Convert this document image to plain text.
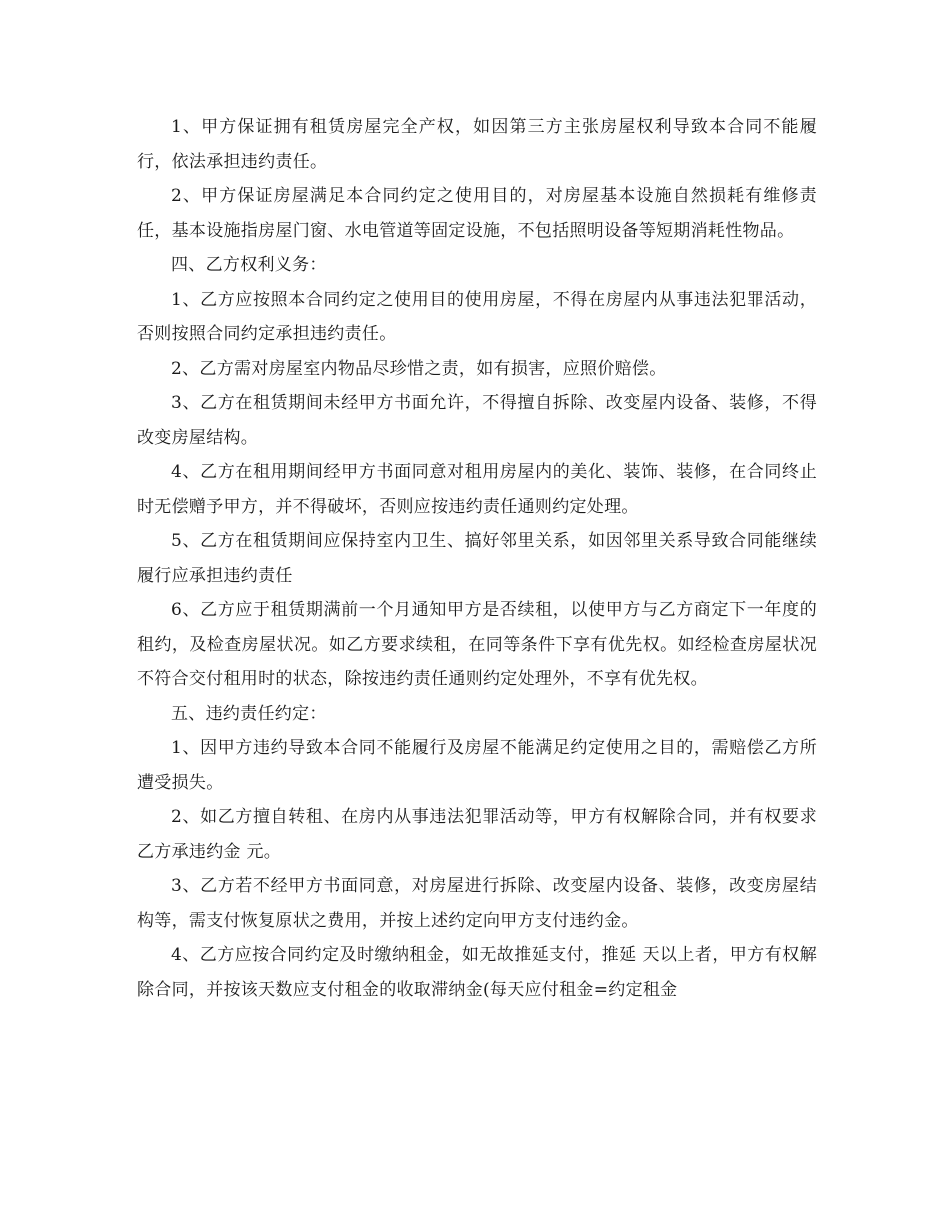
1、甲方保证拥有租赁房屋完全产权，如因第三方主张房屋权利导致本合同不能履行，依法承担违约责任。

2、甲方保证房屋满足本合同约定之使用目的，对房屋基本设施自然损耗有维修责任，基本设施指房屋门窗、水电管道等固定设施，不包括照明设备等短期消耗性物品。

四、乙方权利义务：

1、乙方应按照本合同约定之使用目的使用房屋，不得在房屋内从事违法犯罪活动，否则按照合同约定承担违约责任。

2、乙方需对房屋室内物品尽珍惜之责，如有损害，应照价赔偿。

3、乙方在租赁期间未经甲方书面允许，不得擅自拆除、改变屋内设备、装修，不得改变房屋结构。

4、乙方在租用期间经甲方书面同意对租用房屋内的美化、装饰、装修，在合同终止时无偿赠予甲方，并不得破坏，否则应按违约责任通则约定处理。

5、乙方在租赁期间应保持室内卫生、搞好邻里关系，如因邻里关系导致合同能继续履行应承担违约责任

6、乙方应于租赁期满前一个月通知甲方是否续租，以使甲方与乙方商定下一年度的租约，及检查房屋状况。如乙方要求续租，在同等条件下享有优先权。如经检查房屋状况不符合交付租用时的状态，除按违约责任通则约定处理外，不享有优先权。

五、违约责任约定：

1、因甲方违约导致本合同不能履行及房屋不能满足约定使用之目的，需赔偿乙方所遭受损失。

2、如乙方擅自转租、在房内从事违法犯罪活动等，甲方有权解除合同，并有权要求乙方承违约金 元。

3、乙方若不经甲方书面同意，对房屋进行拆除、改变屋内设备、装修，改变房屋结构等，需支付恢复原状之费用，并按上述约定向甲方支付违约金。

4、乙方应按合同约定及时缴纳租金，如无故推延支付，推延 天以上者，甲方有权解除合同，并按该天数应支付租金的收取滞纳金(每天应付租金=约定租金
